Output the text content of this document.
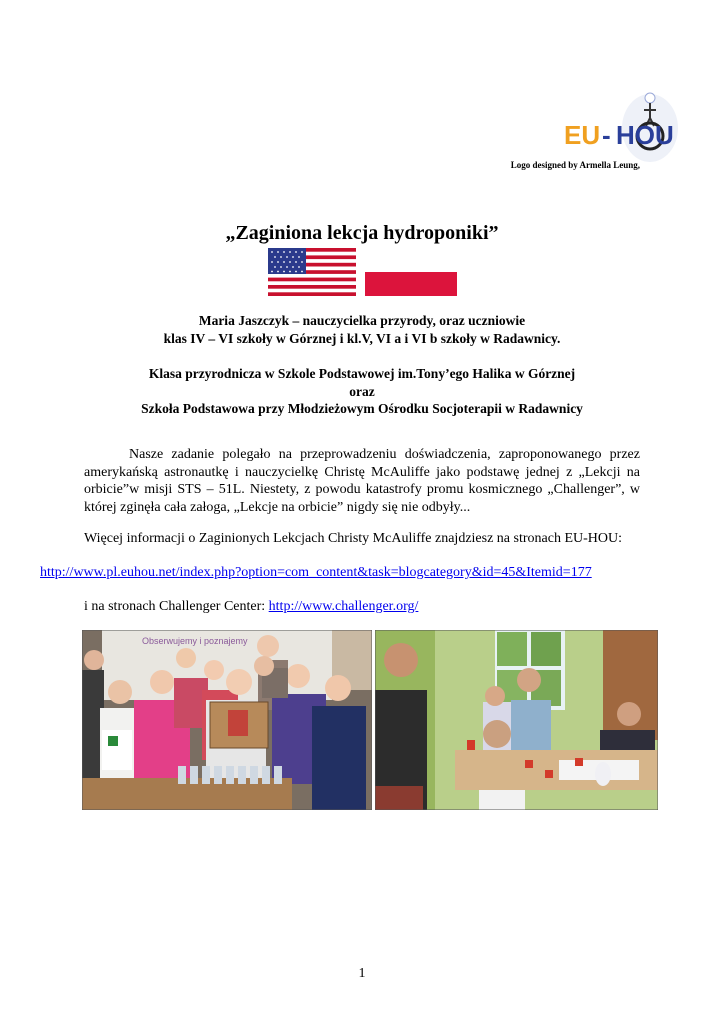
EU - HOU
Logo designed by Armella Leung,
„Zaginiona lekcja hydroponiki”
Maria Jaszczyk – nauczycielka przyrody, oraz uczniowie
klas IV – VI szkoły w Górznej i kl.V, VI a i VI b szkoły w Radawnicy.
Klasa przyrodnicza w Szkole Podstawowej im.Tony’ego Halika w Górznej
oraz
Szkoła Podstawowa przy Młodzieżowym Ośrodku Socjoterapii w Radawnicy
Nasze zadanie polegało na przeprowadzeniu doświadczenia, zaproponowanego przez amerykańską astronautkę i nauczycielkę Christę McAuliffe jako podstawę jednej z „Lekcji na orbicie”w misji STS – 51L. Niestety, z powodu katastrofy promu kosmicznego „Challenger”, w której zginęła cała załoga, „Lekcje na orbicie” nigdy się nie odbyły...
Więcej informacji o Zaginionych Lekcjach Christy McAuliffe znajdziesz na stronach EU-HOU:
http://www.pl.euhou.net/index.php?option=com_content&task=blogcategory&id=45&Itemid=177
i na stronach Challenger Center: http://www.challenger.org/
Obserwujemy i poznajemy
1
